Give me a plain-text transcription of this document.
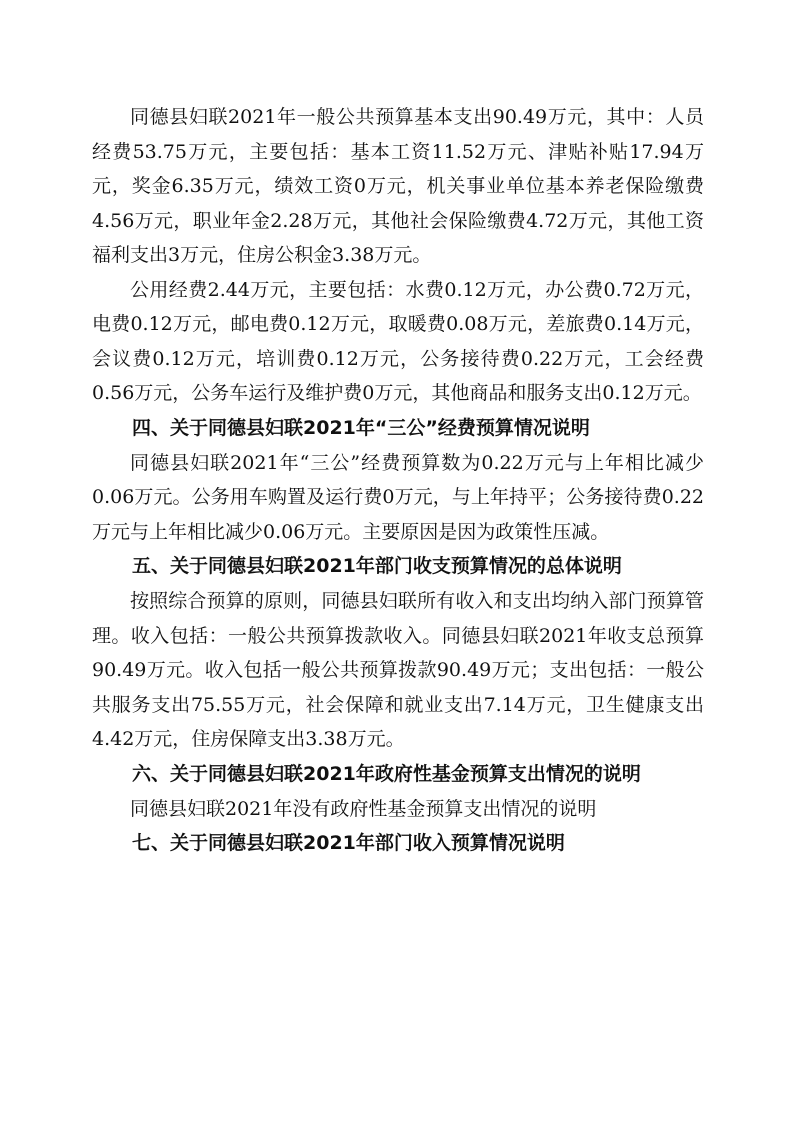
同德县妇联2021年一般公共预算基本支出90.49万元，其中：人员经费53.75万元，主要包括：基本工资11.52万元、津贴补贴17.94万元，奖金6.35万元，绩效工资0万元，机关事业单位基本养老保险缴费4.56万元，职业年金2.28万元，其他社会保险缴费4.72万元，其他工资福利支出3万元，住房公积金3.38万元。

公用经费2.44万元，主要包括：水费0.12万元，办公费0.72万元，电费0.12万元，邮电费0.12万元，取暖费0.08万元，差旅费0.14万元，会议费0.12万元，培训费0.12万元，公务接待费0.22万元，工会经费0.56万元，公务车运行及维护费0万元，其他商品和服务支出0.12万元。

四、关于同德县妇联2021年“三公”经费预算情况说明

同德县妇联2021年“三公”经费预算数为0.22万元与上年相比减少0.06万元。公务用车购置及运行费0万元，与上年持平；公务接待费0.22万元与上年相比减少0.06万元。主要原因是因为政策性压减。

五、关于同德县妇联2021年部门收支预算情况的总体说明

按照综合预算的原则，同德县妇联所有收入和支出均纳入部门预算管理。收入包括：一般公共预算拨款收入。同德县妇联2021年收支总预算90.49万元。收入包括一般公共预算拨款90.49万元；支出包括：一般公共服务支出75.55万元，社会保障和就业支出7.14万元，卫生健康支出4.42万元，住房保障支出3.38万元。

六、关于同德县妇联2021年政府性基金预算支出情况的说明

同德县妇联2021年没有政府性基金预算支出情况的说明

七、关于同德县妇联2021年部门收入预算情况说明
